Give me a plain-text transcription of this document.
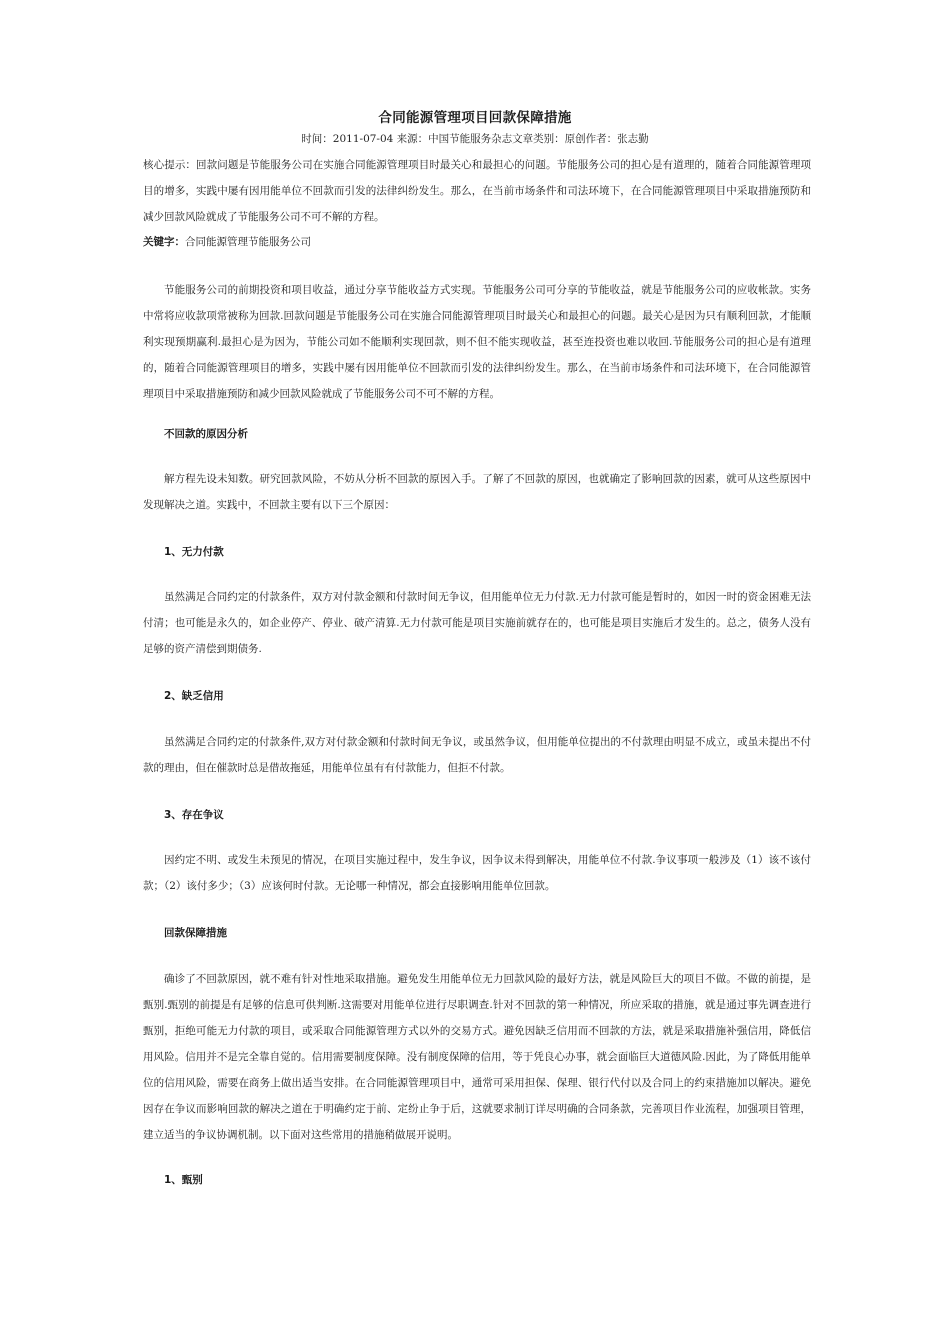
合同能源管理项目回款保障措施
时间：2011-07-04 来源：中国节能服务杂志文章类别：原创作者：张志勤

核心提示：回款问题是节能服务公司在实施合同能源管理项目时最关心和最担心的问题。节能服务公司的担心是有道理的，随着合同能源管理项目的增多，实践中屡有因用能单位不回款而引发的法律纠纷发生。那么，在当前市场条件和司法环境下，在合同能源管理项目中采取措施预防和减少回款风险就成了节能服务公司不可不解的方程。

关键字：合同能源管理节能服务公司

节能服务公司的前期投资和项目收益，通过分享节能收益方式实现。节能服务公司可分享的节能收益，就是节能服务公司的应收帐款。实务中常将应收款项常被称为回款.回款问题是节能服务公司在实施合同能源管理项目时最关心和最担心的问题。最关心是因为只有顺利回款，才能顺利实现预期赢利.最担心是为因为，节能公司如不能顺利实现回款，则不但不能实现收益，甚至连投资也难以收回.节能服务公司的担心是有道理的，随着合同能源管理项目的增多，实践中屡有因用能单位不回款而引发的法律纠纷发生。那么，在当前市场条件和司法环境下，在合同能源管理项目中采取措施预防和减少回款风险就成了节能服务公司不可不解的方程。

不回款的原因分析

解方程先设未知数。研究回款风险，不妨从分析不回款的原因入手。了解了不回款的原因，也就确定了影响回款的因素，就可从这些原因中发现解决之道。实践中，不回款主要有以下三个原因：

1、无力付款

虽然满足合同约定的付款条件，双方对付款金额和付款时间无争议，但用能单位无力付款.无力付款可能是暂时的，如因一时的资金困难无法付清；也可能是永久的，如企业停产、停业、破产清算.无力付款可能是项目实施前就存在的，也可能是项目实施后才发生的。总之，债务人没有足够的资产清偿到期债务.

2、缺乏信用

虽然满足合同约定的付款条件,双方对付款金额和付款时间无争议，或虽然争议，但用能单位提出的不付款理由明显不成立，或虽未提出不付款的理由，但在催款时总是借故拖延，用能单位虽有有付款能力，但拒不付款。

3、存在争议

因约定不明、或发生未预见的情况，在项目实施过程中，发生争议，因争议未得到解决，用能单位不付款.争议事项一般涉及（1）该不该付款；（2）该付多少；（3）应该何时付款。无论哪一种情况，都会直接影响用能单位回款。

回款保障措施

确诊了不回款原因，就不难有针对性地采取措施。避免发生用能单位无力回款风险的最好方法，就是风险巨大的项目不做。不做的前提，是甄别.甄别的前提是有足够的信息可供判断.这需要对用能单位进行尽职调查.针对不回款的第一种情况，所应采取的措施，就是通过事先调查进行甄别，拒绝可能无力付款的项目，或采取合同能源管理方式以外的交易方式。避免因缺乏信用而不回款的方法，就是采取措施补强信用，降低信用风险。信用并不是完全靠自觉的。信用需要制度保障。没有制度保障的信用，等于凭良心办事，就会面临巨大道德风险.因此，为了降低用能单位的信用风险，需要在商务上做出适当安排。在合同能源管理项目中，通常可采用担保、保理、银行代付以及合同上的约束措施加以解决。避免因存在争议而影响回款的解决之道在于明确约定于前、定纷止争于后，这就要求制订详尽明确的合同条款，完善项目作业流程，加强项目管理，建立适当的争议协调机制。以下面对这些常用的措施稍做展开说明。

1、甄别
